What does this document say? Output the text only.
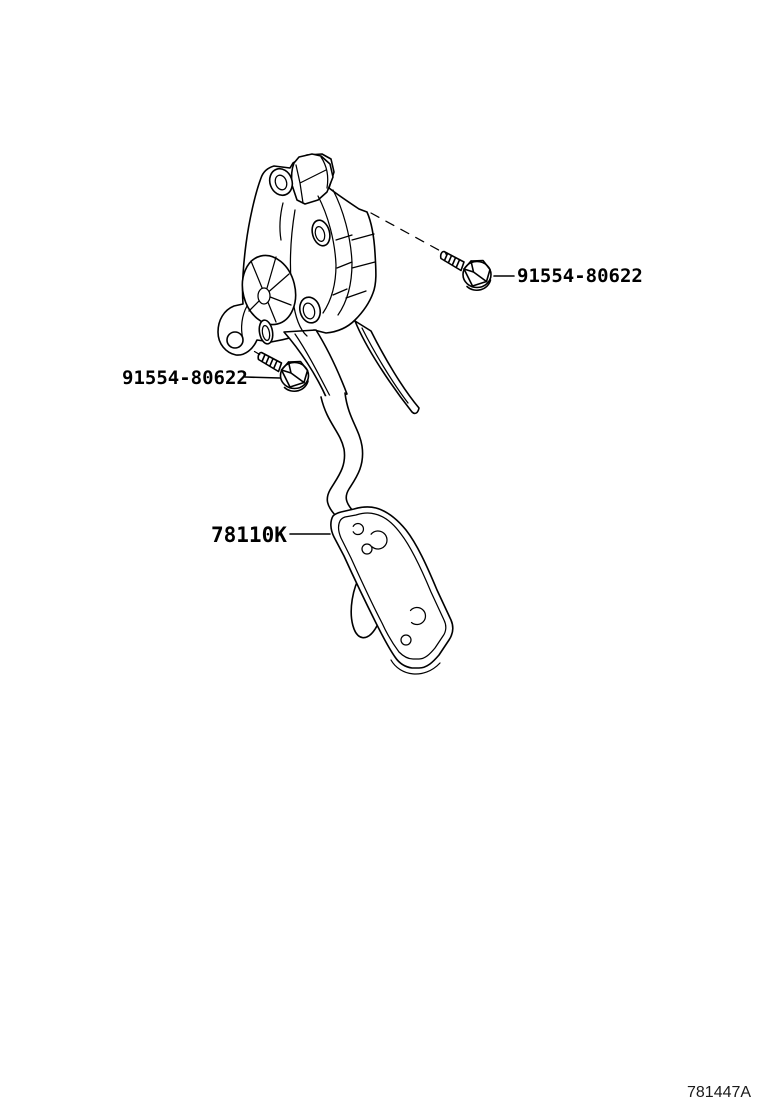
91554-80622
91554-80622
78110K
781447A
